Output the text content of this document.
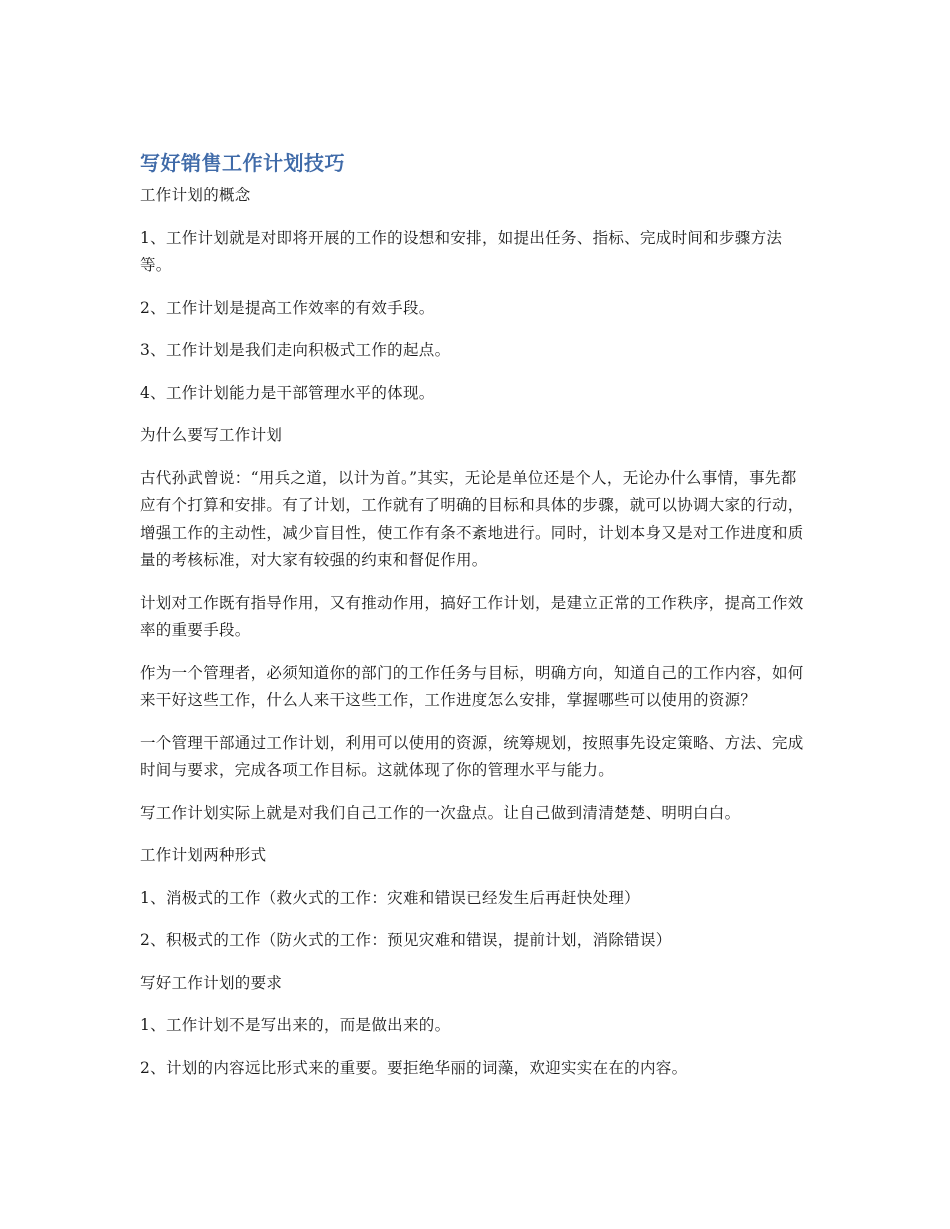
写好销售工作计划技巧

工作计划的概念

1、工作计划就是对即将开展的工作的设想和安排，如提出任务、指标、完成时间和步骤方法等。

2、工作计划是提高工作效率的有效手段。

3、工作计划是我们走向积极式工作的起点。

4、工作计划能力是干部管理水平的体现。

为什么要写工作计划

古代孙武曾说：“用兵之道，以计为首。”其实，无论是单位还是个人，无论办什么事情，事先都应有个打算和安排。有了计划，工作就有了明确的目标和具体的步骤，就可以协调大家的行动，增强工作的主动性，减少盲目性，使工作有条不紊地进行。同时，计划本身又是对工作进度和质量的考核标准，对大家有较强的约束和督促作用。

计划对工作既有指导作用，又有推动作用，搞好工作计划，是建立正常的工作秩序，提高工作效率的重要手段。

作为一个管理者，必须知道你的部门的工作任务与目标，明确方向，知道自己的工作内容，如何来干好这些工作，什么人来干这些工作，工作进度怎么安排，掌握哪些可以使用的资源？

一个管理干部通过工作计划，利用可以使用的资源，统筹规划，按照事先设定策略、方法、完成时间与要求，完成各项工作目标。这就体现了你的管理水平与能力。

写工作计划实际上就是对我们自己工作的一次盘点。让自己做到清清楚楚、明明白白。

工作计划两种形式

1、消极式的工作（救火式的工作：灾难和错误已经发生后再赶快处理）

2、积极式的工作（防火式的工作：预见灾难和错误，提前计划，消除错误）

写好工作计划的要求

1、工作计划不是写出来的，而是做出来的。

2、计划的内容远比形式来的重要。要拒绝华丽的词藻，欢迎实实在在的内容。
